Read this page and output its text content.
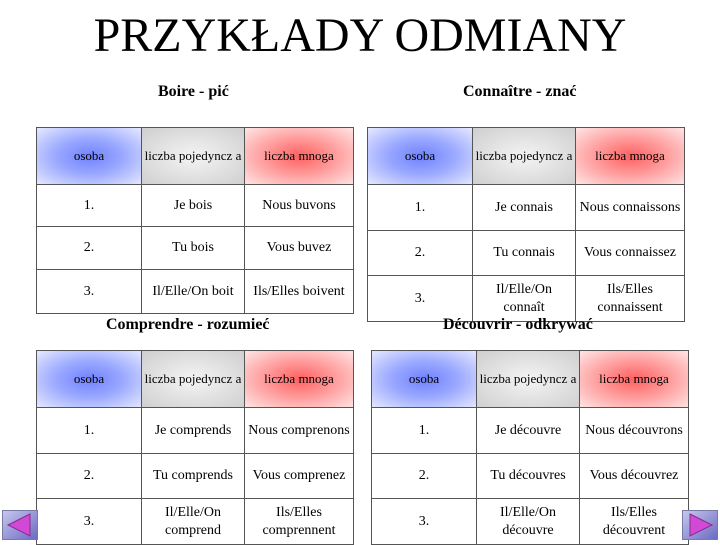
PRZYKŁADY ODMIANY
Boire - pić	Connaître - znać
osoba	liczba pojedyncz a	liczba mnoga
1.	Je bois	Nous buvons
2.	Tu bois	Vous buvez
3.	Il/Elle/On boit	Ils/Elles boivent
osoba	liczba pojedyncz a	liczba mnoga
1.	Je connais	Nous connaissons
2.	Tu connais	Vous connaissez
3.	Il/Elle/On connaît	Ils/Elles connaissent
Comprendre - rozumieć	Découvrir - odkrywać
osoba	liczba pojedyncz a	liczba mnoga
1.	Je comprends	Nous comprenons
2.	Tu comprends	Vous comprenez
3.	Il/Elle/On comprend	Ils/Elles comprennent
osoba	liczba pojedyncz a	liczba mnoga
1.	Je découvre	Nous découvrons
2.	Tu découvres	Vous découvrez
3.	Il/Elle/On découvre	Ils/Elles découvrent
